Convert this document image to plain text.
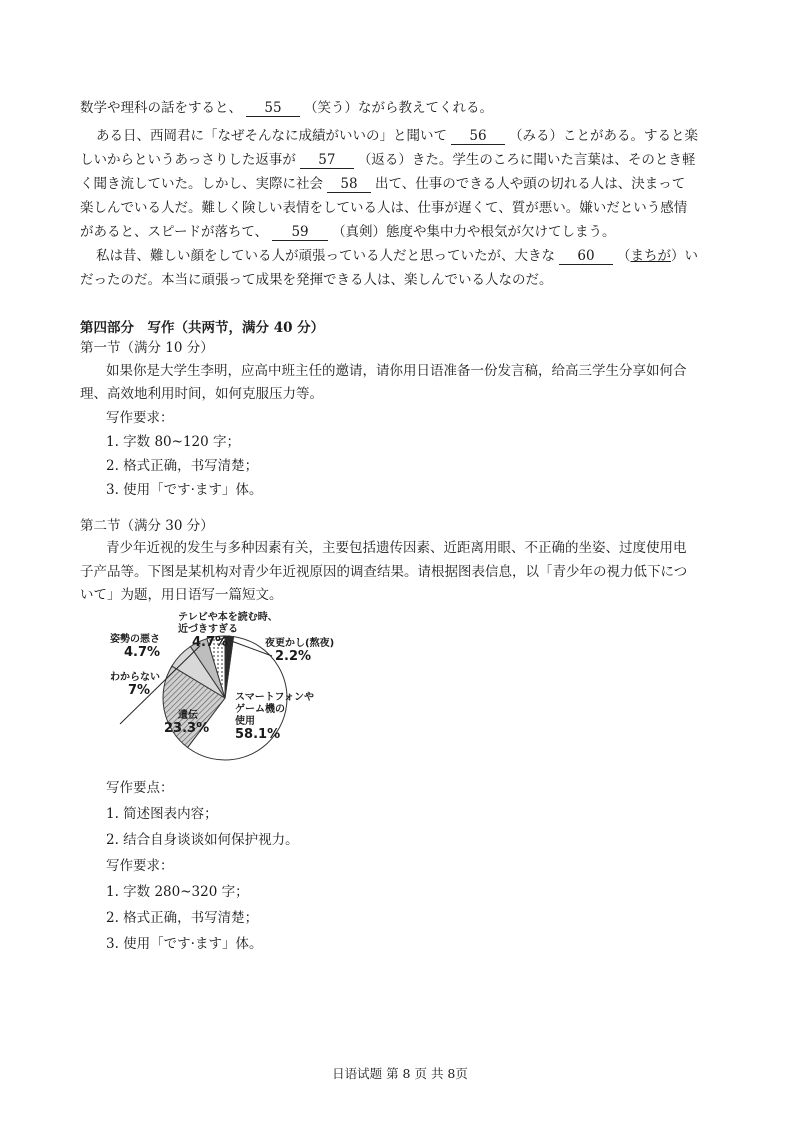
数学や理科の話をすると、 55 （笑う）ながら教えてくれる。
ある日、西岡君に「なぜそんなに成績がいいの」と聞いて 56 （みる）ことがある。すると楽
しいからというあっさりした返事が 57 （返る）きた。学生のころに聞いた言葉は、そのとき軽
く聞き流していた。しかし、実際に社会 58 出て、仕事のできる人や頭の切れる人は、決まって
楽しんでいる人だ。難しく険しい表情をしている人は、仕事が遅くて、質が悪い。嫌いだという感情
があると、スピードが落ちて、 59 （真剣）態度や集中力や根気が欠けてしまう。
私は昔、難しい顔をしている人が頑張っている人だと思っていたが、大きな 60 （まちが）い
だったのだ。本当に頑張って成果を発揮できる人は、楽しんでいる人なのだ。
第四部分　写作（共两节，满分 40 分）
第一节（满分 10 分）
如果你是大学生李明，应高中班主任的邀请，请你用日语准备一份发言稿，给高三学生分享如何合
理、高效地利用时间，如何克服压力等。
写作要求：
1. 字数 80~120 字；
2. 格式正确，书写清楚；
3. 使用「です·ます」体。
第二节（满分 30 分）
青少年近视的发生与多种因素有关，主要包括遗传因素、近距离用眼、不正确的坐姿、过度使用电
子产品等。下图是某机构对青少年近视原因的调查结果。请根据图表信息，以「青少年の視力低下につ
いて」为题，用日语写一篇短文。
テレビや本を読む時、
近づきすぎる
4.7%
姿勢の悪さ
4.7%
夜更かし(熬夜)
2.2%
わからない
7%	スマートフォンや
ゲーム機の
使用
58.1%
遺伝
23.3%
写作要点：
1. 简述图表内容；
2. 结合自身谈谈如何保护视力。
写作要求：
1. 字数 280~320 字；
2. 格式正确，书写清楚；
3. 使用「です·ます」体。
日语试题 第 8 页 共 8页
